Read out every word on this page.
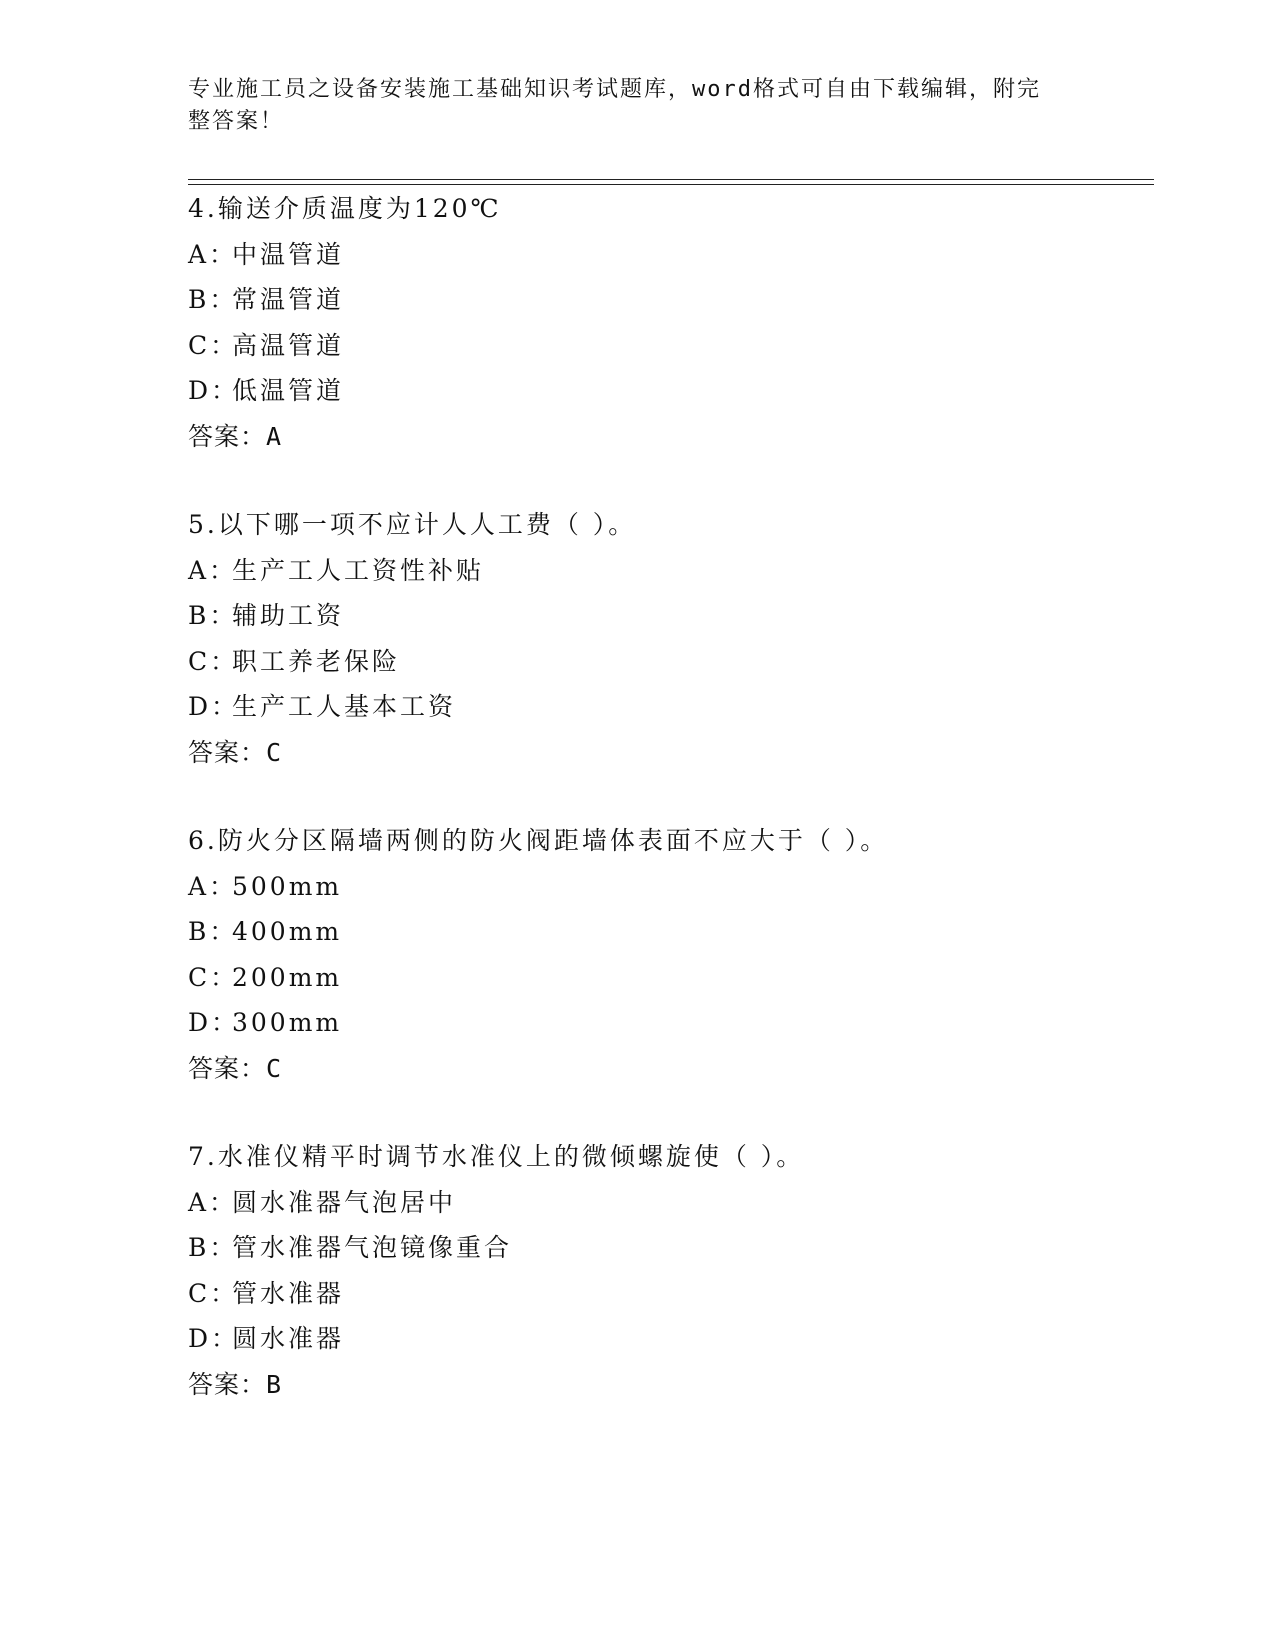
专业施工员之设备安装施工基础知识考试题库，word格式可自由下载编辑，附完
整答案！
4.输送介质温度为120℃
A：中温管道
B：常温管道
C：高温管道
D：低温管道
答案：A
5.以下哪一项不应计人人工费（ ）。
A：生产工人工资性补贴
B：辅助工资
C：职工养老保险
D：生产工人基本工资
答案：C
6.防火分区隔墙两侧的防火阀距墙体表面不应大于（ ）。
A：500mm
B：400mm
C：200mm
D：300mm
答案：C
7.水准仪精平时调节水准仪上的微倾螺旋使（ ）。
A：圆水准器气泡居中
B：管水准器气泡镜像重合
C：管水准器
D：圆水准器
答案：B
